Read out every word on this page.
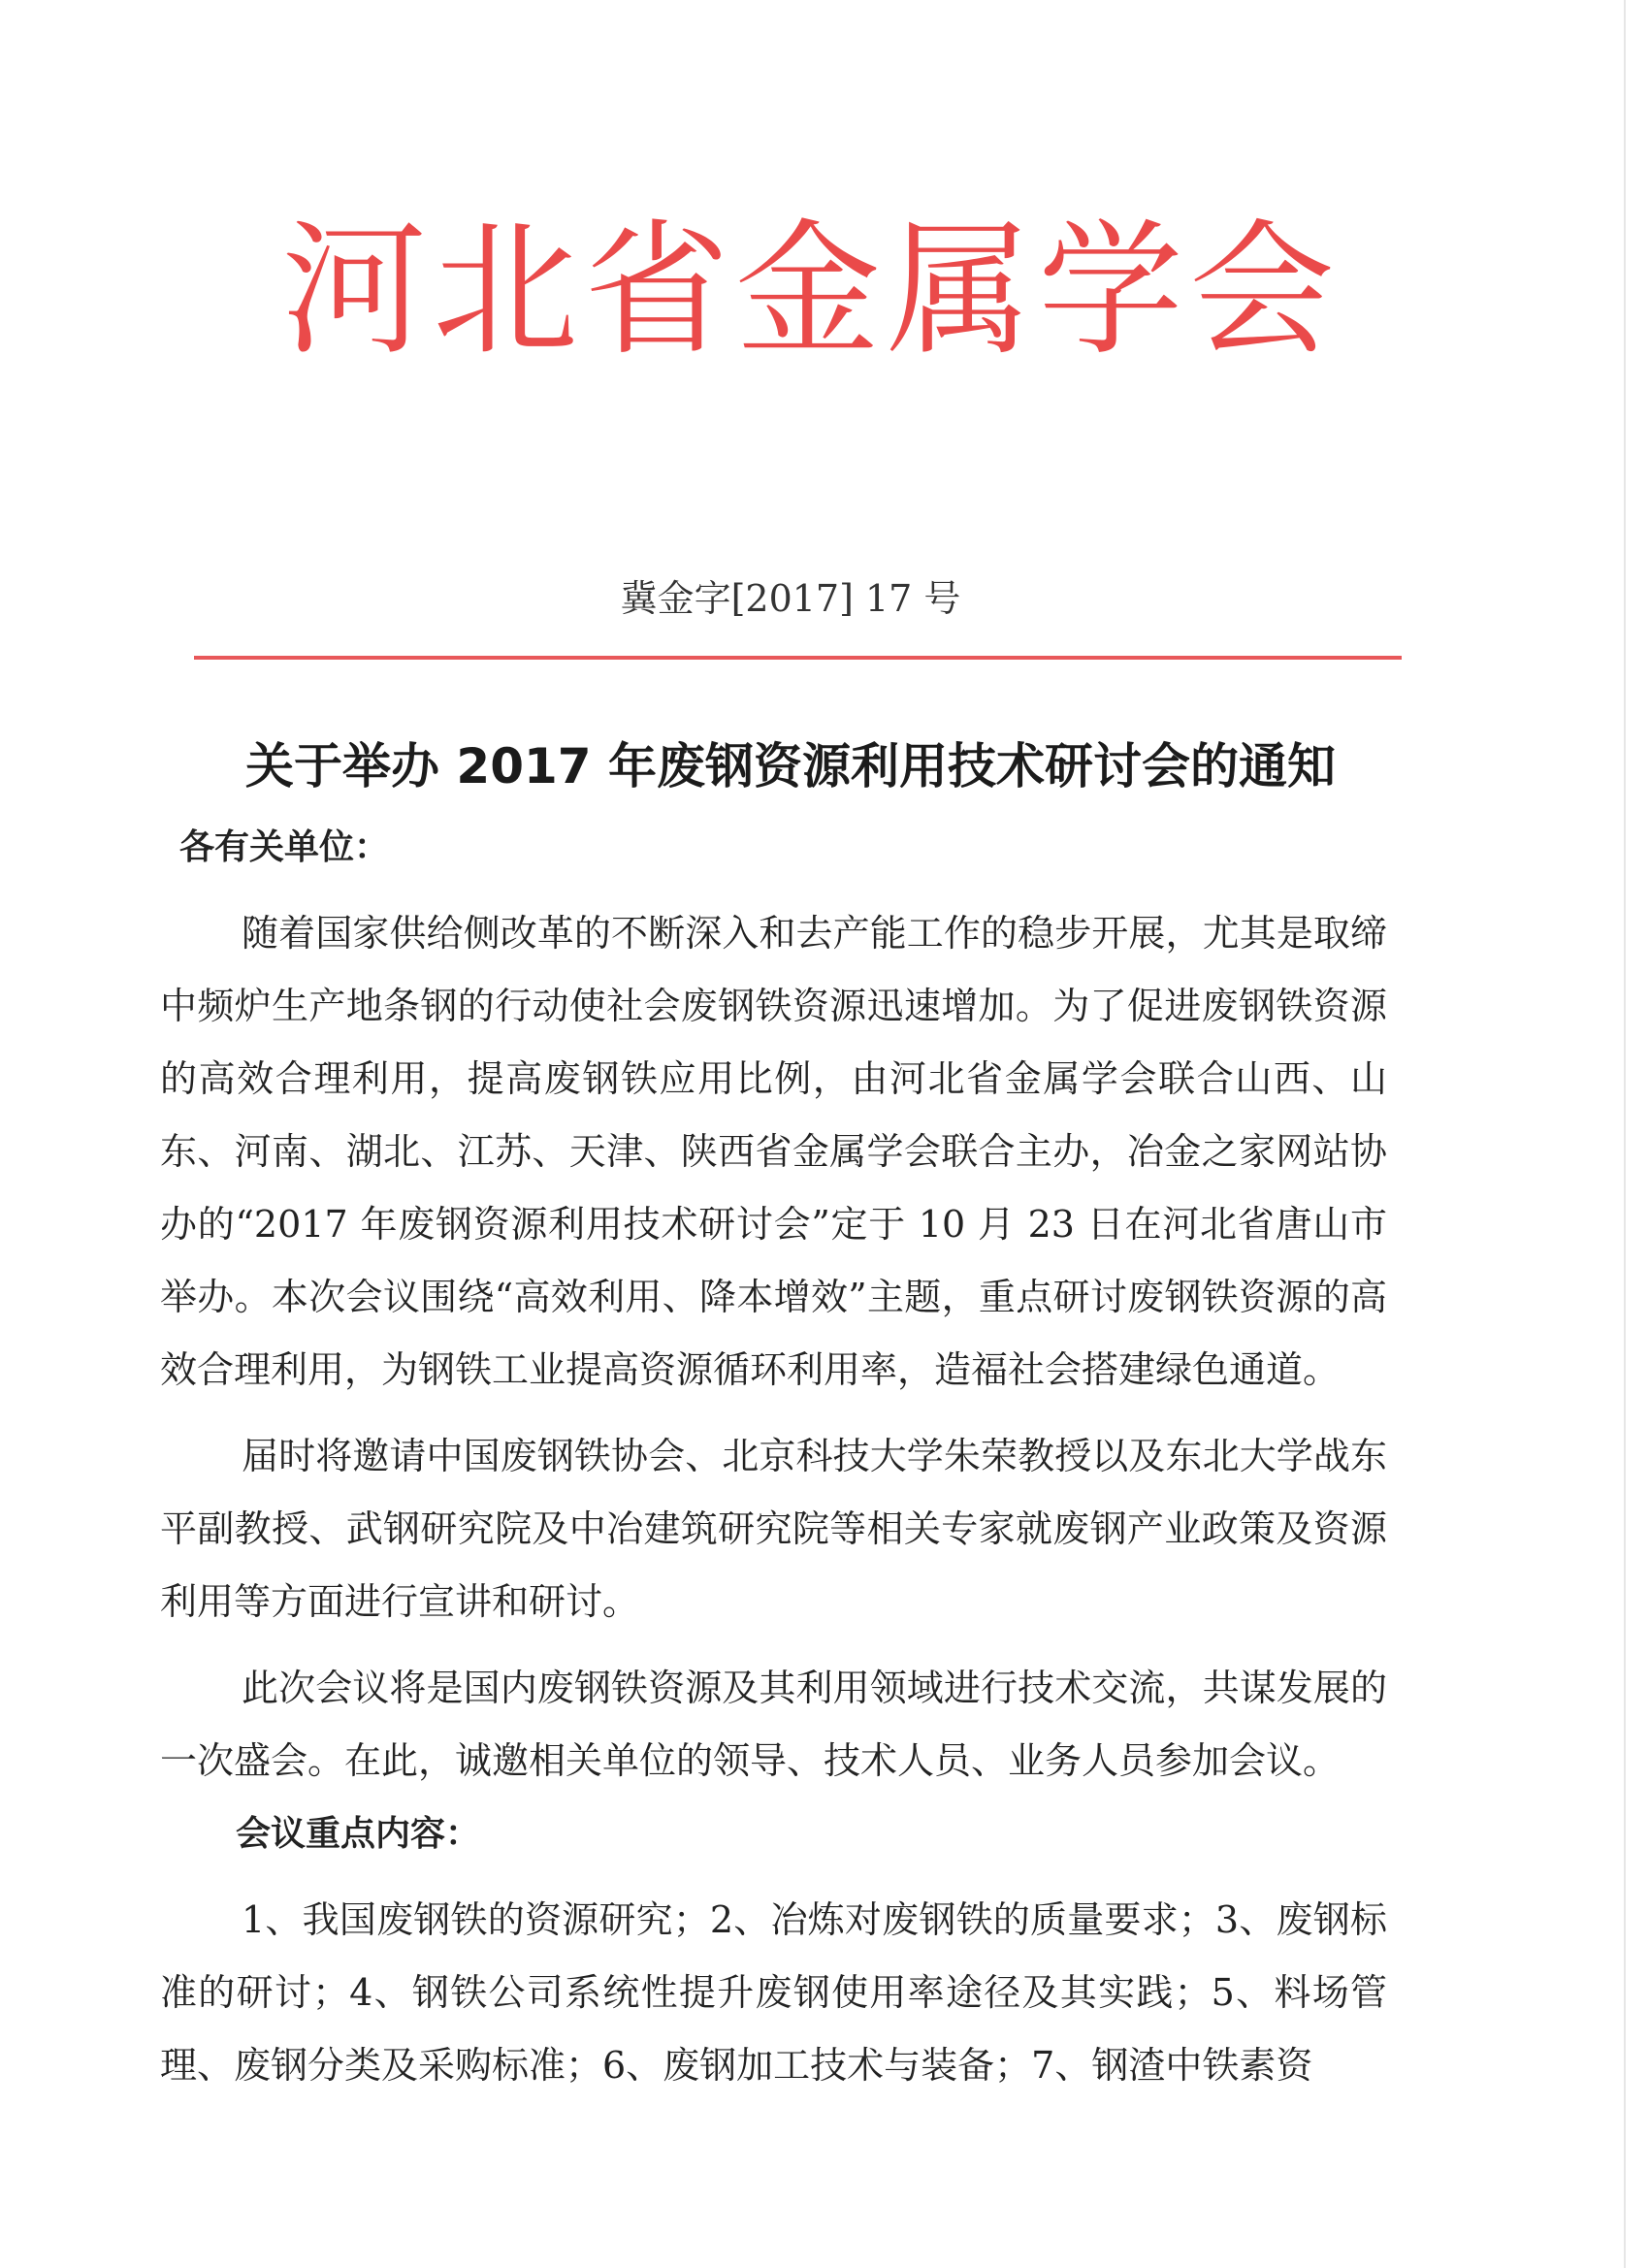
河北省金属学会
冀金字[2017] 17 号
关于举办 2017 年废钢资源利用技术研讨会的通知

各有关单位：

随着国家供给侧改革的不断深入和去产能工作的稳步开展，尤其是取缔中频炉生产地条钢的行动使社会废钢铁资源迅速增加。为了促进废钢铁资源的高效合理利用，提高废钢铁应用比例，由河北省金属学会联合山西、山东、河南、湖北、江苏、天津、陕西省金属学会联合主办，冶金之家网站协办的“2017 年废钢资源利用技术研讨会”定于 10 月 23 日在河北省唐山市举办。本次会议围绕“高效利用、降本增效”主题，重点研讨废钢铁资源的高效合理利用，为钢铁工业提高资源循环利用率，造福社会搭建绿色通道。

届时将邀请中国废钢铁协会、北京科技大学朱荣教授以及东北大学战东平副教授、武钢研究院及中冶建筑研究院等相关专家就废钢产业政策及资源利用等方面进行宣讲和研讨。

此次会议将是国内废钢铁资源及其利用领域进行技术交流，共谋发展的一次盛会。在此，诚邀相关单位的领导、技术人员、业务人员参加会议。

会议重点内容：

1、我国废钢铁的资源研究；2、冶炼对废钢铁的质量要求；3、废钢标准的研讨；4、钢铁公司系统性提升废钢使用率途径及其实践；5、料场管理、废钢分类及采购标准；6、废钢加工技术与装备；7、钢渣中铁素资
